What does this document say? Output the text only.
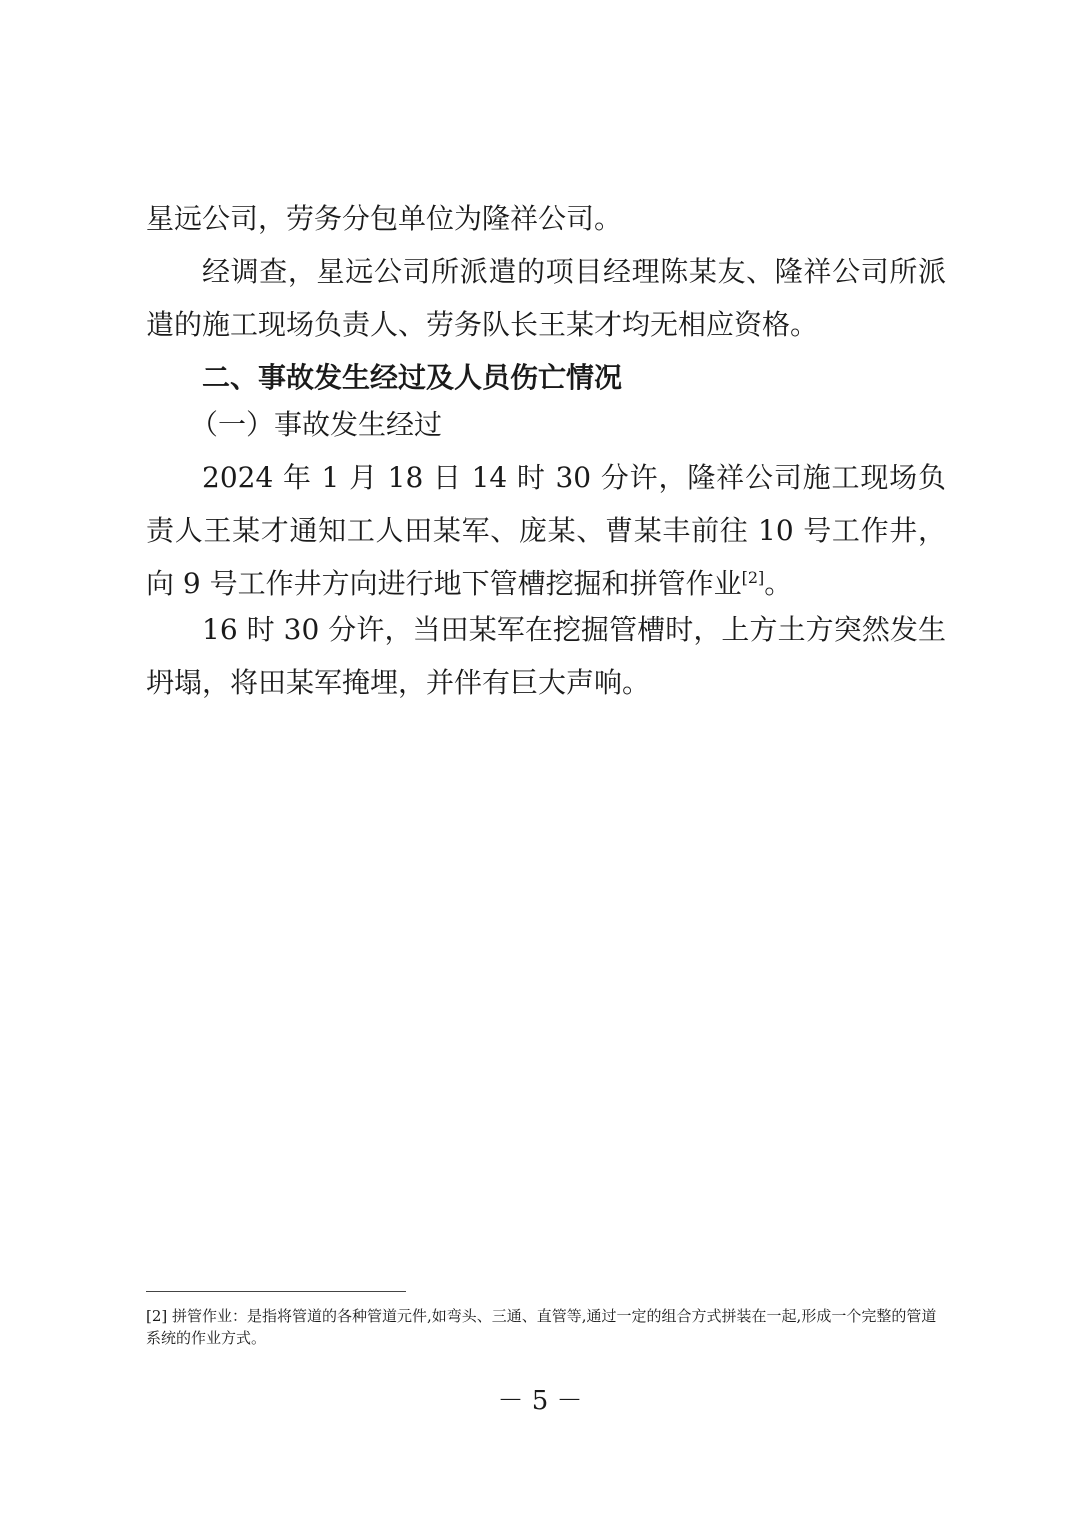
星远公司，劳务分包单位为隆祥公司。

经调查，星远公司所派遣的项目经理陈某友、隆祥公司所派遣的施工现场负责人、劳务队长王某才均无相应资格。

二、事故发生经过及人员伤亡情况

（一）事故发生经过

2024 年 1 月 18 日 14 时 30 分许，隆祥公司施工现场负责人王某才通知工人田某军、庞某、曹某丰前往 10 号工作井，向 9 号工作井方向进行地下管槽挖掘和拼管作业[2]。

16 时 30 分许，当田某军在挖掘管槽时，上方土方突然发生坍塌，将田某军掩埋，并伴有巨大声响。

[2] 拼管作业：是指将管道的各种管道元件,如弯头、三通、直管等,通过一定的组合方式拼装在一起,形成一个完整的管道系统的作业方式。

－ 5 －
